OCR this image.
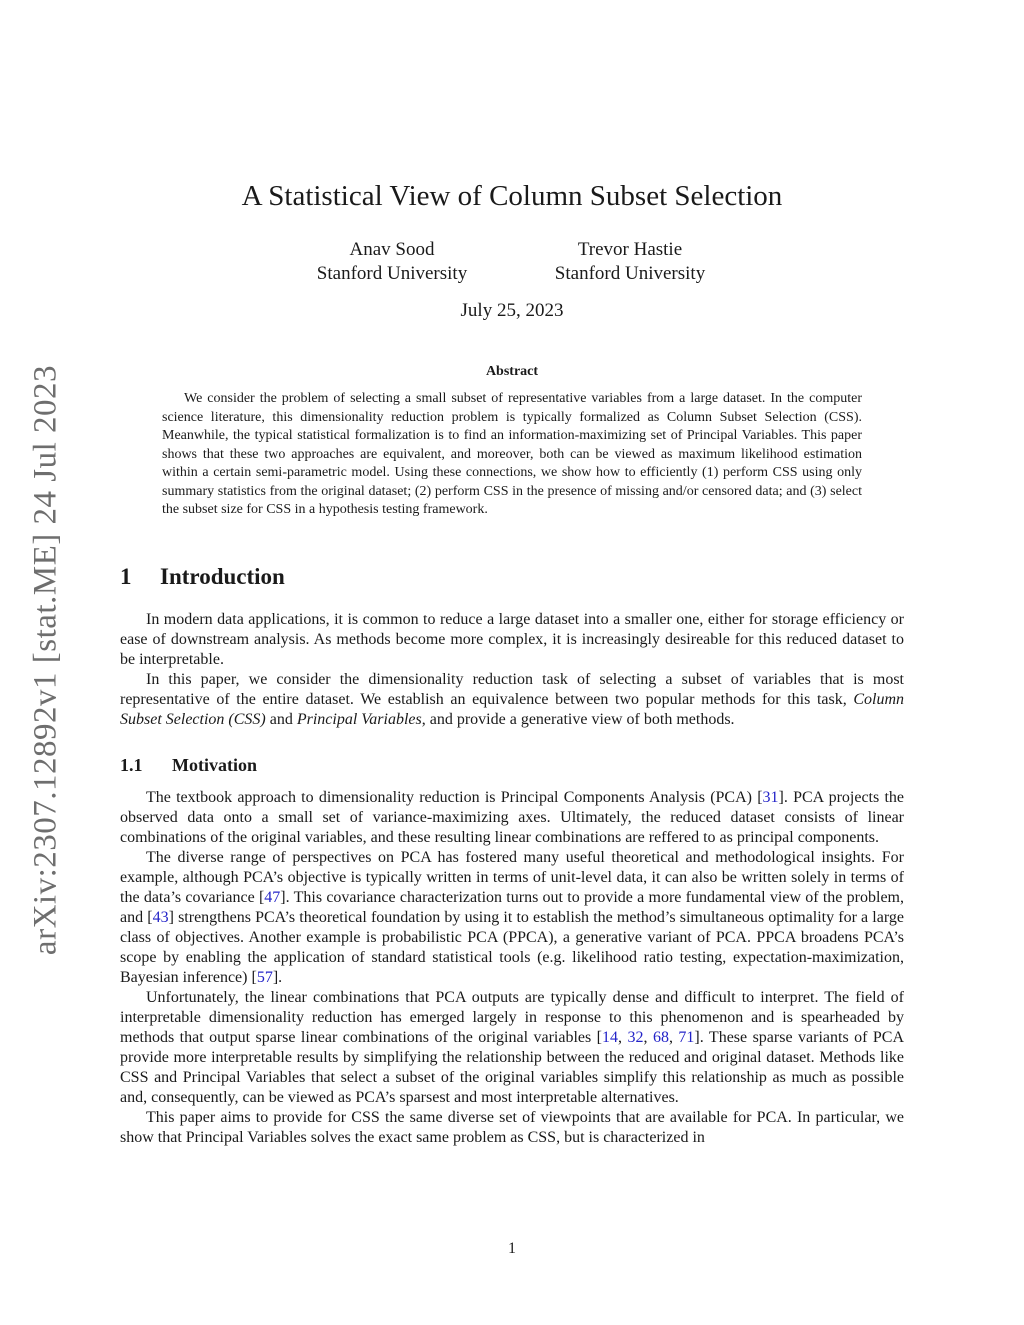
arXiv:2307.12892v1 [stat.ME] 24 Jul 2023
A Statistical View of Column Subset Selection
Anav Sood
Stanford University
Trevor Hastie
Stanford University
July 25, 2023
Abstract

We consider the problem of selecting a small subset of representative variables from a large dataset. In the computer science literature, this dimensionality reduction problem is typically formalized as Column Subset Selection (CSS). Meanwhile, the typical statistical formalization is to find an information-maximizing set of Principal Variables. This paper shows that these two approaches are equivalent, and moreover, both can be viewed as maximum likelihood estimation within a certain semi-parametric model. Using these connections, we show how to efficiently (1) perform CSS using only summary statistics from the original dataset; (2) perform CSS in the presence of missing and/or censored data; and (3) select the subset size for CSS in a hypothesis testing framework.

1 Introduction

In modern data applications, it is common to reduce a large dataset into a smaller one, either for storage efficiency or ease of downstream analysis. As methods become more complex, it is increasingly desireable for this reduced dataset to be interpretable.

In this paper, we consider the dimensionality reduction task of selecting a subset of variables that is most representative of the entire dataset. We establish an equivalence between two popular methods for this task, Column Subset Selection (CSS) and Principal Variables, and provide a generative view of both methods.

1.1 Motivation

The textbook approach to dimensionality reduction is Principal Components Analysis (PCA) [31]. PCA projects the observed data onto a small set of variance-maximizing axes. Ultimately, the reduced dataset consists of linear combinations of the original variables, and these resulting linear combinations are reffered to as principal components.

The diverse range of perspectives on PCA has fostered many useful theoretical and methodological insights. For example, although PCA’s objective is typically written in terms of unit-level data, it can also be written solely in terms of the data’s covariance [47]. This covariance characterization turns out to provide a more fundamental view of the problem, and [43] strengthens PCA’s theoretical foundation by using it to establish the method’s simultaneous optimality for a large class of objectives. Another example is probabilistic PCA (PPCA), a generative variant of PCA. PPCA broadens PCA’s scope by enabling the application of standard statistical tools (e.g. likelihood ratio testing, expectation-maximization, Bayesian inference) [57].

Unfortunately, the linear combinations that PCA outputs are typically dense and difficult to interpret. The field of interpretable dimensionality reduction has emerged largely in response to this phenomenon and is spearheaded by methods that output sparse linear combinations of the original variables [14, 32, 68, 71]. These sparse variants of PCA provide more interpretable results by simplifying the relationship between the reduced and original dataset. Methods like CSS and Principal Variables that select a subset of the original variables simplify this relationship as much as possible and, consequently, can be viewed as PCA’s sparsest and most interpretable alternatives.

This paper aims to provide for CSS the same diverse set of viewpoints that are available for PCA. In particular, we show that Principal Variables solves the exact same problem as CSS, but is characterized in

1
